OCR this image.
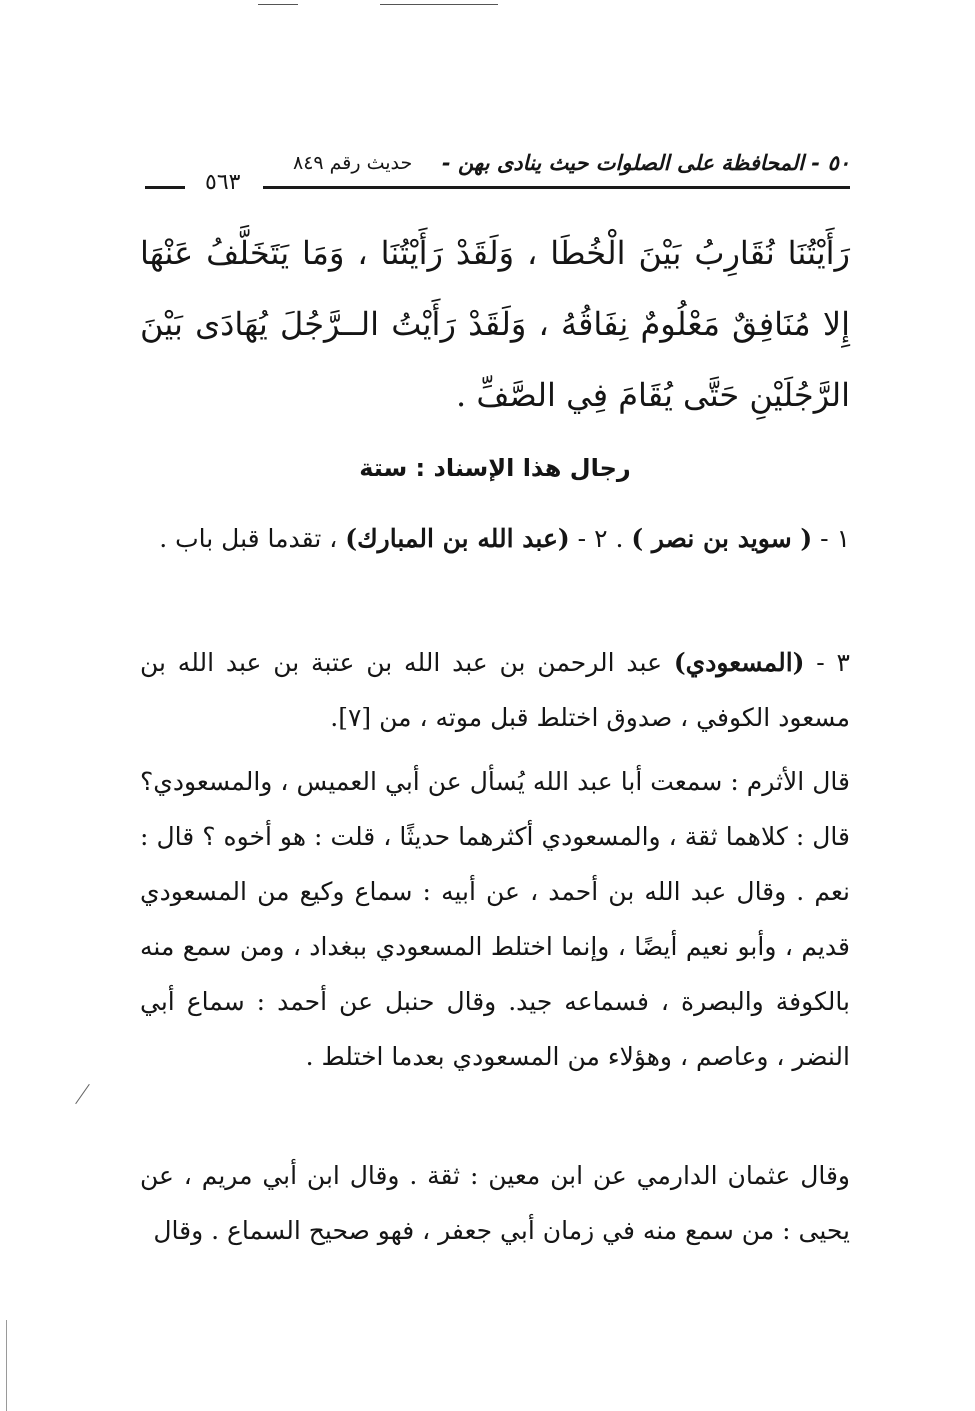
٥٠ - المحافظة على الصلوات حيث ينادى بهن -
حديث رقم ٨٤٩
٥٦٣

رَأَيْتُنَا نُقَارِبُ بَيْنَ الْخُطَا ، وَلَقَدْ رَأَيْتُنَا ، وَمَا يَتَخَلَّفُ عَنْهَا إِلا مُنَافِقٌ مَعْلُومٌ نِفَاقُهُ ، وَلَقَدْ رَأَيْتُ الــرَّجُلَ يُهَادَى بَيْنَ الرَّجُلَيْنِ حَتَّى يُقَامَ فِي الصَّفِّ .

رجال هذا الإسناد : ستة

١ - ( سويد بن نصر ) . ٢ - (عبد الله بن المبارك) ، تقدما قبل باب .

٣ - (المسعودي) عبد الرحمن بن عبد الله بن عتبة بن عبد الله بن مسعود الكوفي ، صدوق اختلط قبل موته ، من [٧].

قال الأثرم : سمعت أبا عبد الله يُسأل عن أبي العميس ، والمسعودي؟ قال : كلاهما ثقة ، والمسعودي أكثرهما حديثًا ، قلت : هو أخوه ؟ قال : نعم . وقال عبد الله بن أحمد ، عن أبيه : سماع وكيع من المسعودي قديم ، وأبو نعيم أيضًا ، وإنما اختلط المسعودي ببغداد ، ومن سمع منه بالكوفة والبصرة ، فسماعه جيد. وقال حنبل عن أحمد : سماع أبي النضر ، وعاصم ، وهؤلاء من المسعودي بعدما اختلط .

وقال عثمان الدارمي عن ابن معين : ثقة . وقال ابن أبي مريم ، عن يحيى : من سمع منه في زمان أبي جعفر ، فهو صحيح السماع . وقال
